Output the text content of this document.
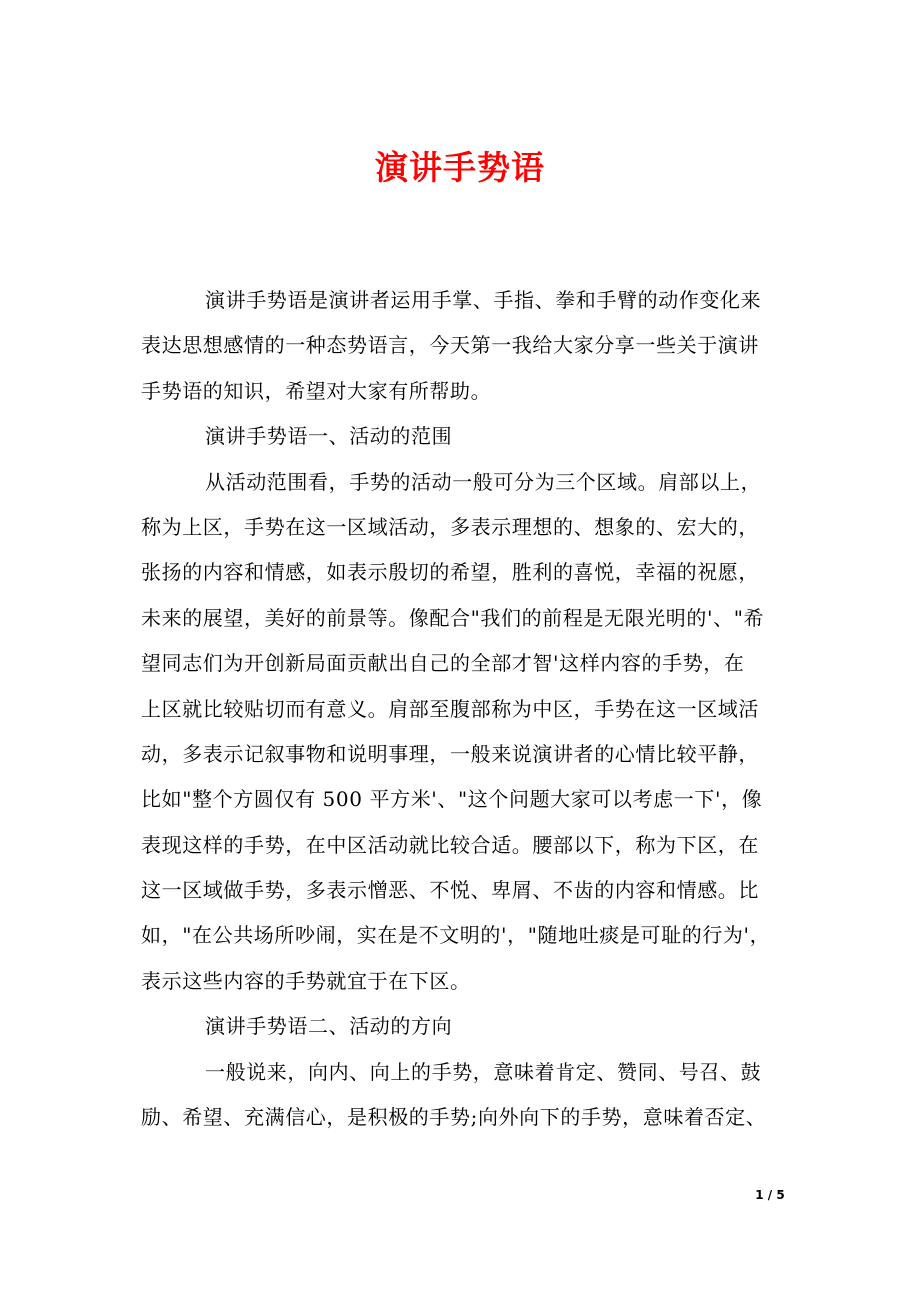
演讲手势语
演讲手势语是演讲者运用手掌、手指、拳和手臂的动作变化来
表达思想感情的一种态势语言，今天第一我给大家分享一些关于演讲
手势语的知识，希望对大家有所帮助。
演讲手势语一、活动的范围
从活动范围看，手势的活动一般可分为三个区域。肩部以上，
称为上区，手势在这一区域活动，多表示理想的、想象的、宏大的，
张扬的内容和情感，如表示殷切的希望，胜利的喜悦，幸福的祝愿，
未来的展望，美好的前景等。像配合"我们的前程是无限光明的'、"希
望同志们为开创新局面贡献出自己的全部才智'这样内容的手势，在
上区就比较贴切而有意义。肩部至腹部称为中区，手势在这一区域活
动，多表示记叙事物和说明事理，一般来说演讲者的心情比较平静，
比如"整个方圆仅有 500 平方米'、"这个问题大家可以考虑一下'，像
表现这样的手势，在中区活动就比较合适。腰部以下，称为下区，在
这一区域做手势，多表示憎恶、不悦、卑屑、不齿的内容和情感。比
如，"在公共场所吵闹，实在是不文明的'，"随地吐痰是可耻的行为'，
表示这些内容的手势就宜于在下区。
演讲手势语二、活动的方向
一般说来，向内、向上的手势，意味着肯定、赞同、号召、鼓
励、希望、充满信心，是积极的手势;向外向下的手势，意味着否定、
1 / 5
